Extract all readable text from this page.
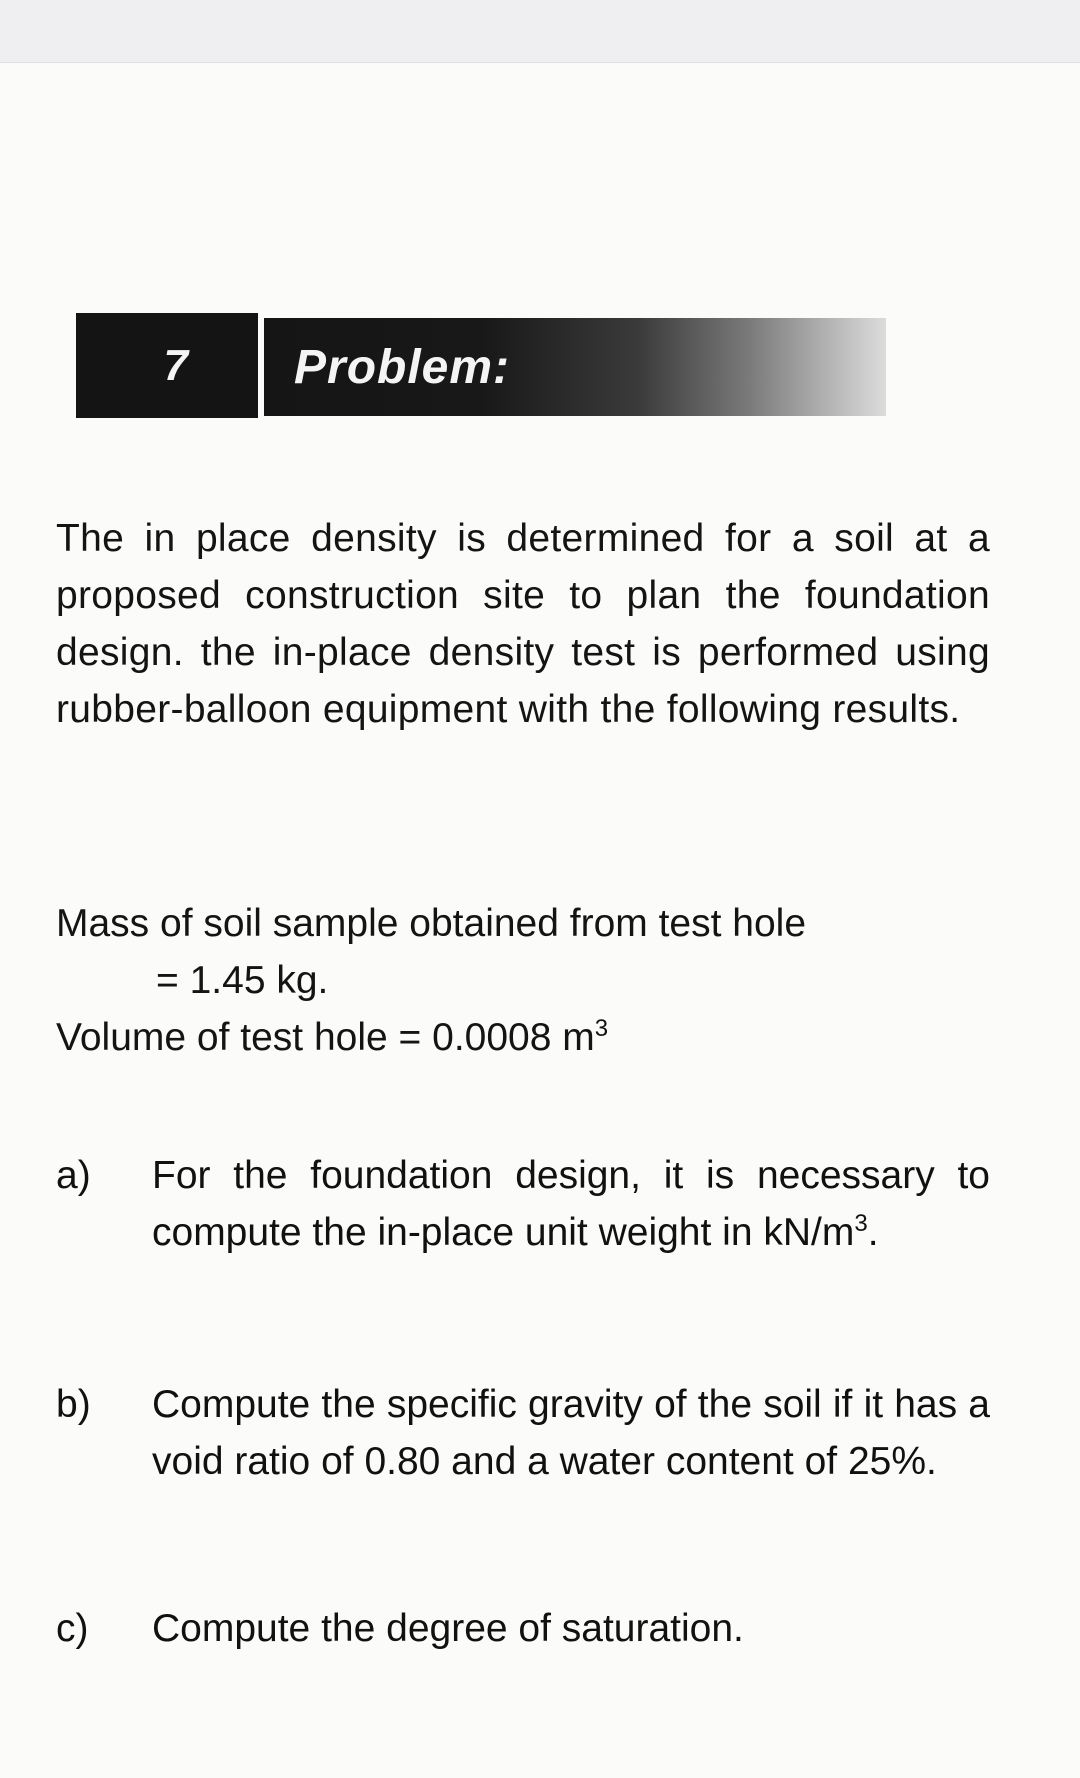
7	Problem:
The in place density is determined for a soil at a proposed construction site to plan the foundation design. the in-place density test is performed using rubber-balloon equipment with the following results.
Mass of soil sample obtained from test hole
= 1.45 kg.
Volume of test hole = 0.0008 $m^3$
a)	For the foundation design, it is necessary to compute the in-place unit weight in $kN/m^3$.
b)	Compute the specific gravity of the soil if it has a void ratio of 0.80 and a water content of 25%.
c)	Compute the degree of saturation.
